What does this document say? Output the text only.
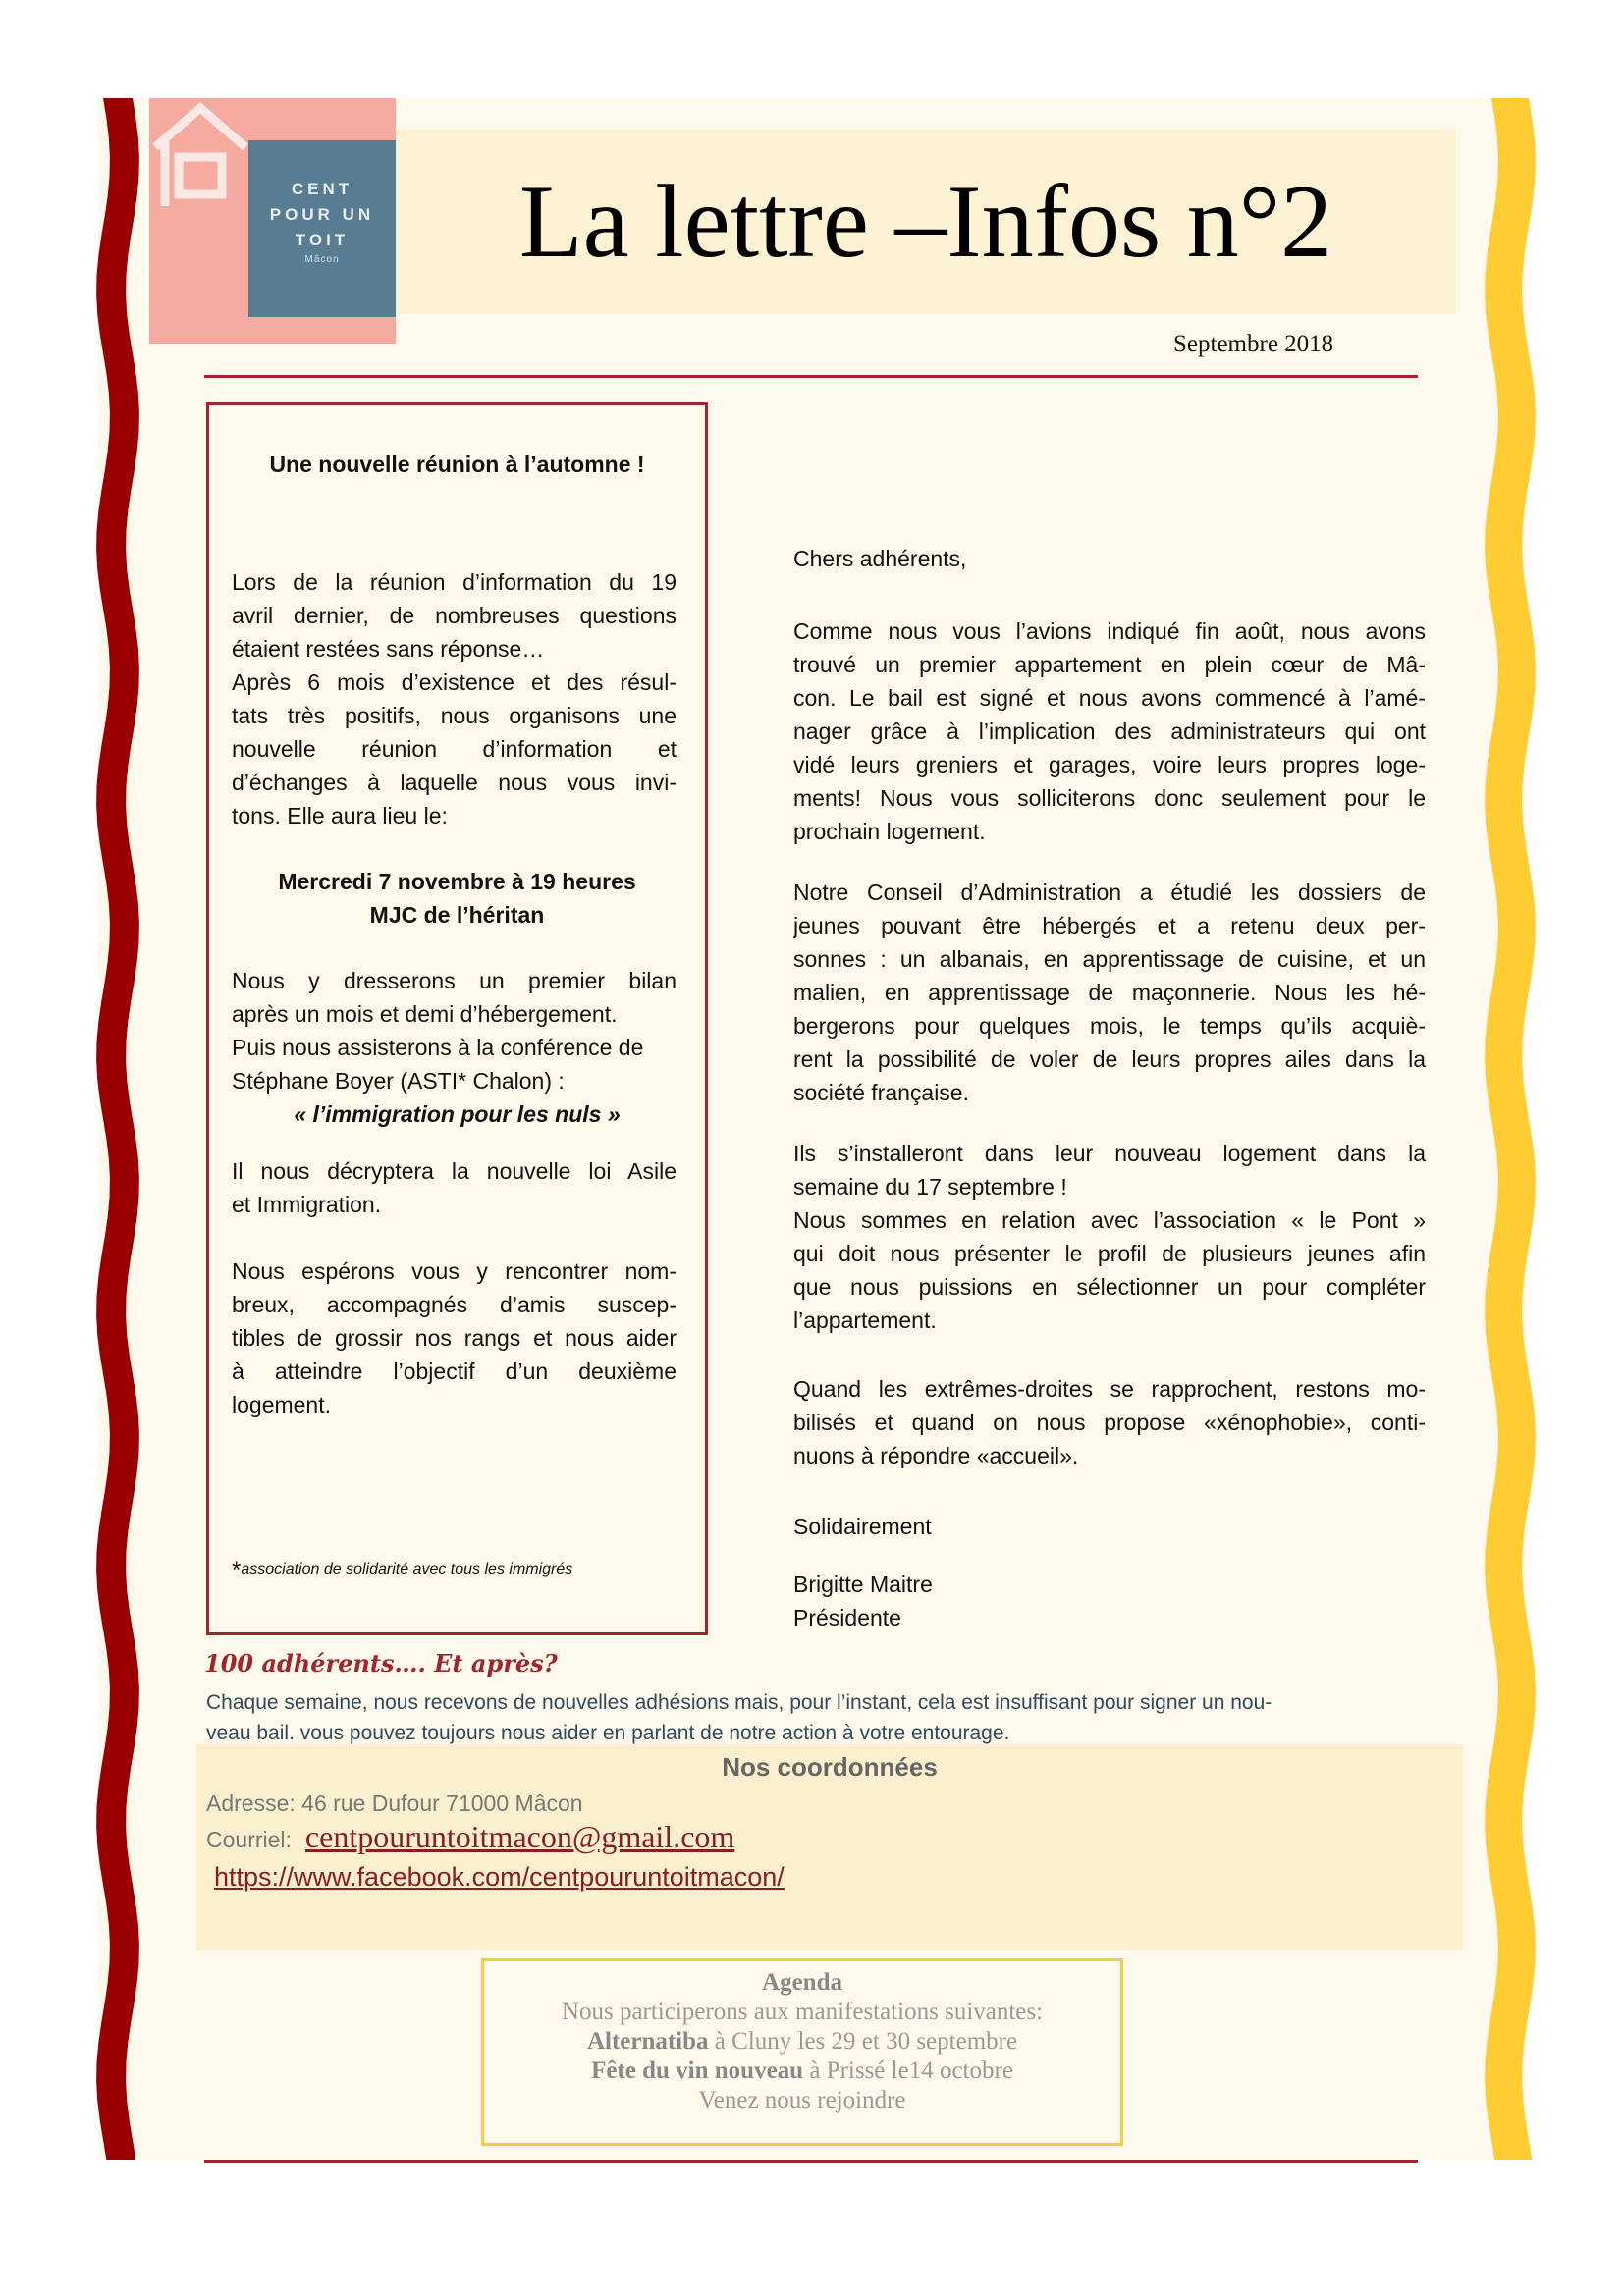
CENT
POUR UN
TOIT
Mâcon	La lettre –Infos n°2
Septembre 2018
Une nouvelle réunion à l’automne !
Lors de la réunion d’information du 19
avril dernier, de nombreuses questions
étaient restées sans réponse…
Après 6 mois d’existence et des résul-
tats très positifs, nous organisons une
nouvelle réunion d’information et
d’échanges à laquelle nous vous invi-
tons. Elle aura lieu le:
Mercredi 7 novembre à 19 heures
MJC de l’héritan
Nous y dresserons un premier bilan
après un mois et demi d’hébergement.
Puis nous assisterons à la conférence de
Stéphane Boyer (ASTI* Chalon) :
« l’immigration pour les nuls »
Il nous décryptera la nouvelle loi Asile
et Immigration.
Nous espérons vous y rencontrer nom-
breux, accompagnés d’amis suscep-
tibles de grossir nos rangs et nous aider
à atteindre l’objectif d’un deuxième
logement.
*association de solidarité avec tous les immigrés
Chers adhérents,
Comme nous vous l’avions indiqué fin août, nous avons
trouvé un premier appartement en plein cœur de Mâ-
con. Le bail est signé et nous avons commencé à l’amé-
nager grâce à l’implication des administrateurs qui ont
vidé leurs greniers et garages, voire leurs propres loge-
ments! Nous vous solliciterons donc seulement pour le
prochain logement.
Notre Conseil d’Administration a étudié les dossiers de
jeunes pouvant être hébergés et a retenu deux per-
sonnes : un albanais, en apprentissage de cuisine, et un
malien, en apprentissage de maçonnerie. Nous les hé-
bergerons pour quelques mois, le temps qu’ils acquiè-
rent la possibilité de voler de leurs propres ailes dans la
société française.
Ils s’installeront dans leur nouveau logement dans la
semaine du 17 septembre !
Nous sommes en relation avec l’association « le Pont »
qui doit nous présenter le profil de plusieurs jeunes afin
que nous puissions en sélectionner un pour compléter
l’appartement.
Quand les extrêmes-droites se rapprochent, restons mo-
bilisés et quand on nous propose «xénophobie», conti-
nuons à répondre «accueil».
Solidairement
Brigitte Maitre
Présidente
100 adhérents…. Et après?
Chaque semaine, nous recevons de nouvelles adhésions mais, pour l’instant, cela est insuffisant pour signer un nou-
veau bail. vous pouvez toujours nous aider en parlant de notre action à votre entourage.
Nos coordonnées
Adresse: 46 rue Dufour 71000 Mâcon
Courriel: centpouruntoitmacon@gmail.com
https://www.facebook.com/centpouruntoitmacon/
Agenda
Nous participerons aux manifestations suivantes:
Alternatiba à Cluny les 29 et 30 septembre
Fête du vin nouveau à Prissé le14 octobre
Venez nous rejoindre
